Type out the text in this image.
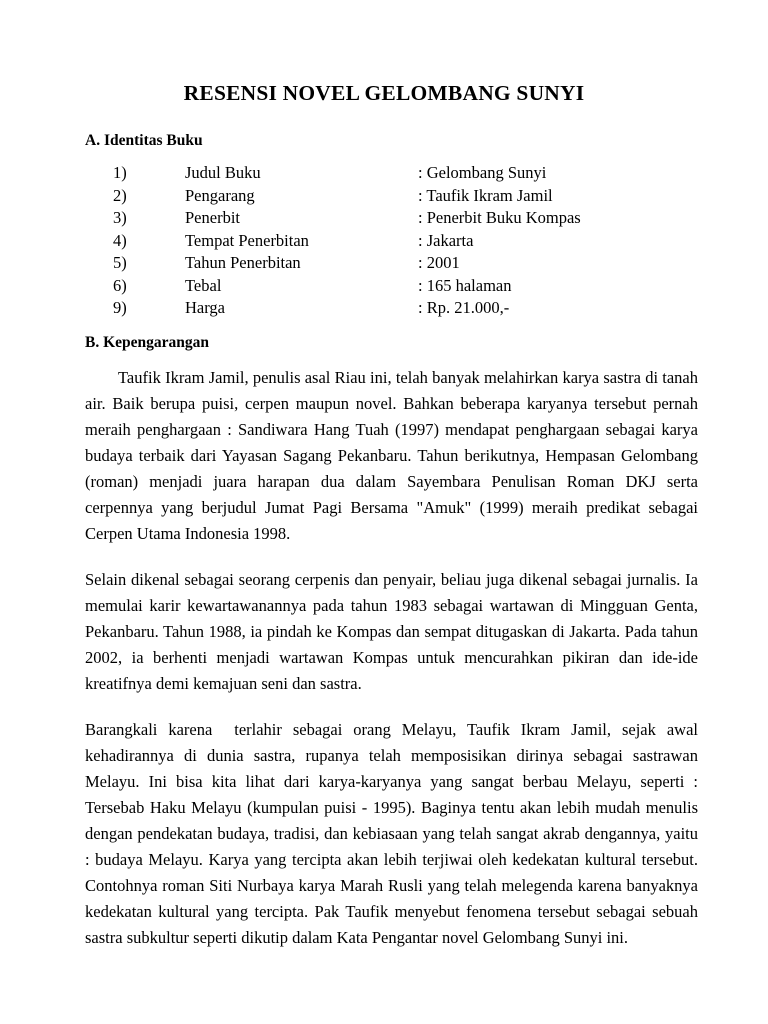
RESENSI NOVEL GELOMBANG SUNYI
A. Identitas Buku
1)	Judul Buku	: Gelombang Sunyi
2)	Pengarang	: Taufik Ikram Jamil
3)	Penerbit	: Penerbit Buku Kompas
4)	Tempat Penerbitan	: Jakarta
5)	Tahun Penerbitan	: 2001
6)	Tebal	: 165 halaman
9)	Harga	: Rp. 21.000,-
B. Kepengarangan

Taufik Ikram Jamil, penulis asal Riau ini, telah banyak melahirkan karya sastra di tanah air. Baik berupa puisi, cerpen maupun novel. Bahkan beberapa karyanya tersebut pernah meraih penghargaan : Sandiwara Hang Tuah (1997) mendapat penghargaan sebagai karya budaya terbaik dari Yayasan Sagang Pekanbaru. Tahun berikutnya, Hempasan Gelombang (roman) menjadi juara harapan dua dalam Sayembara Penulisan Roman DKJ serta cerpennya yang berjudul Jumat Pagi Bersama "Amuk" (1999) meraih predikat sebagai Cerpen Utama Indonesia 1998.

Selain dikenal sebagai seorang cerpenis dan penyair, beliau juga dikenal sebagai jurnalis. Ia memulai karir kewartawanannya pada tahun 1983 sebagai wartawan di Mingguan Genta, Pekanbaru. Tahun 1988, ia pindah ke Kompas dan sempat ditugaskan di Jakarta. Pada tahun 2002, ia berhenti menjadi wartawan Kompas untuk mencurahkan pikiran dan ide-ide kreatifnya demi kemajuan seni dan sastra.

Barangkali karena  terlahir sebagai orang Melayu, Taufik Ikram Jamil, sejak awal kehadirannya di dunia sastra, rupanya telah memposisikan dirinya sebagai sastrawan Melayu. Ini bisa kita lihat dari karya-karyanya yang sangat berbau Melayu, seperti : Tersebab Haku Melayu (kumpulan puisi - 1995). Baginya tentu akan lebih mudah menulis dengan pendekatan budaya, tradisi, dan kebiasaan yang telah sangat akrab dengannya, yaitu : budaya Melayu. Karya yang tercipta akan lebih terjiwai oleh kedekatan kultural tersebut. Contohnya roman Siti Nurbaya karya Marah Rusli yang telah melegenda karena banyaknya kedekatan kultural yang tercipta. Pak Taufik menyebut fenomena tersebut sebagai sebuah sastra subkultur seperti dikutip dalam Kata Pengantar novel Gelombang Sunyi ini.
